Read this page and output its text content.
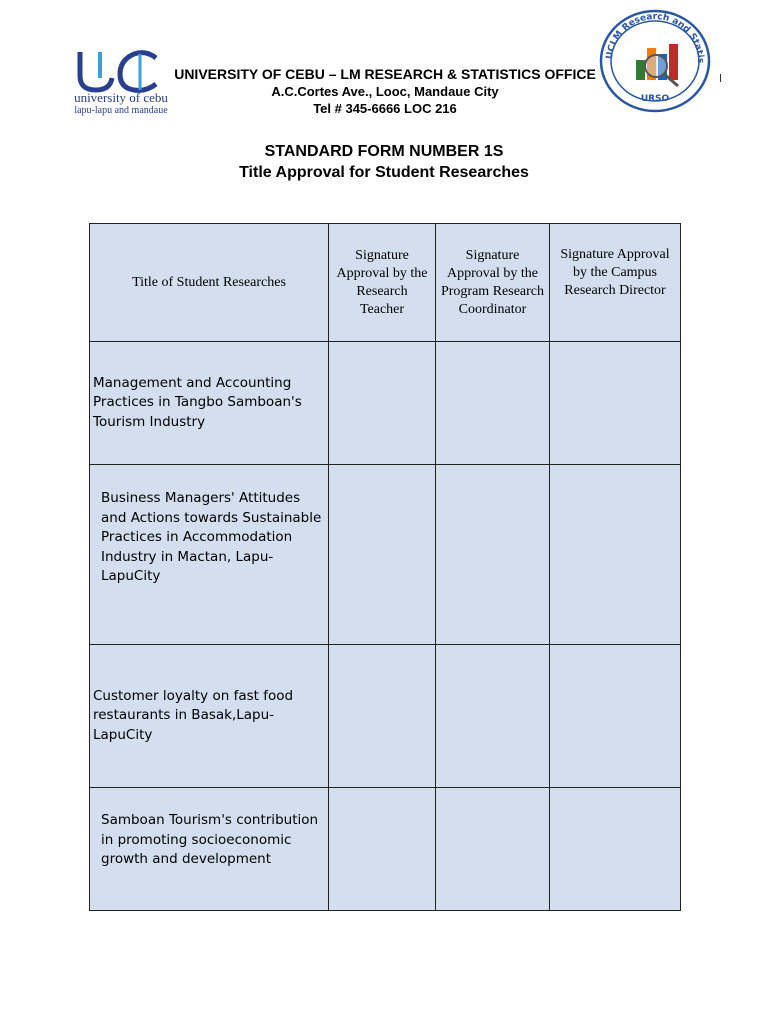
university of cebu
lapu-lapu and mandaue
UCLM Research and Statis
URSO
UNIVERSITY OF CEBU – LM RESEARCH & STATISTICS OFFICE
A.C.Cortes Ave., Looc, Mandaue City
Tel # 345-6666 LOC 216
STANDARD FORM NUMBER 1S
Title Approval for Student Researches
Title of Student Researches	Signature Approval by the Research Teacher	Signature Approval by the Program Research Coordinator	Signature Approval by the Campus Research Director

Management and Accounting Practices in Tangbo Samboan's Tourism Industry			

Business Managers' Attitudes and Actions towards Sustainable Practices in Accommodation Industry in Mactan, Lapu-LapuCity			

Customer loyalty on fast food restaurants in Basak,Lapu-LapuCity			

Samboan Tourism's contribution in promoting socioeconomic growth and development			
